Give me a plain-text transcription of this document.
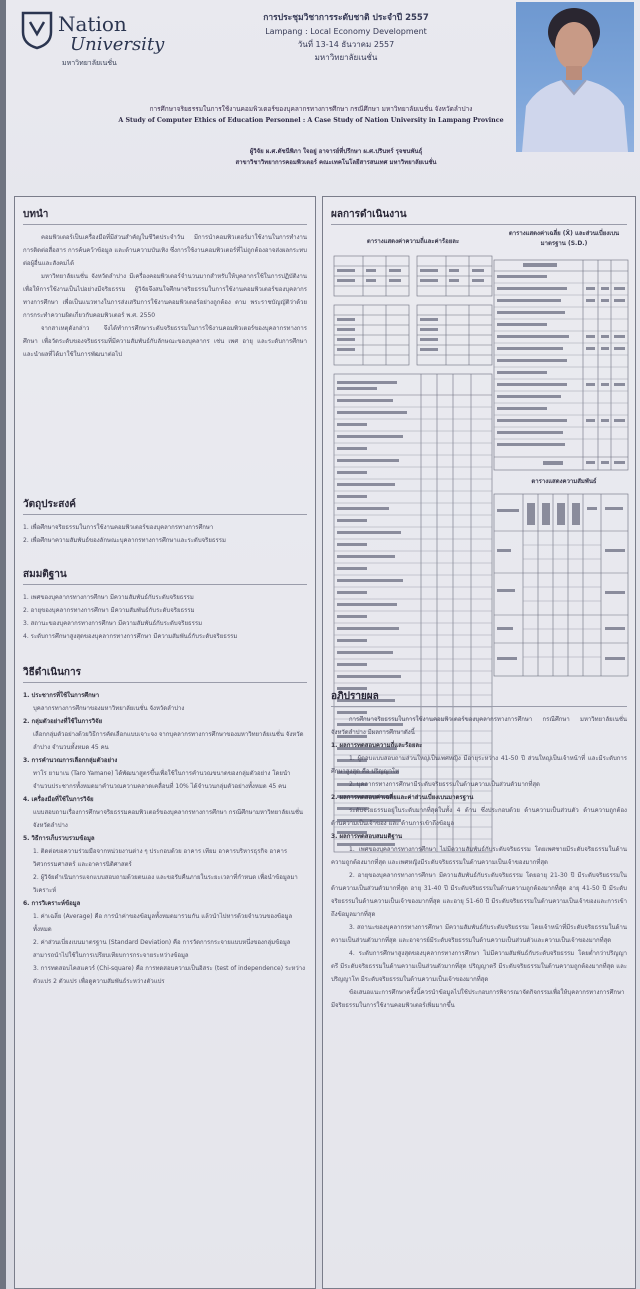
Nation
University
มหาวิทยาลัยเนชั่น
การประชุมวิชาการระดับชาติ ประจำปี 2557
Lampang : Local Economy Development
วันที่ 13-14 ธันวาคม 2557
มหาวิทยาลัยเนชั่น
การศึกษาจริยธรรมในการใช้งานคอมพิวเตอร์ของบุคลากรทางการศึกษา กรณีศึกษา มหาวิทยาลัยเนชั่น จังหวัดลำปาง
A Study of Computer Ethics of Education Personnel : A Case Study of Nation University in Lampang Province
ผู้วิจัย ผ.ศ.ดัชนีพิภา ใจอยู่ อาจารย์ที่ปรึกษา ผ.ศ.ปรินทร์ รุจชนพันธุ์
สาขาวิชาวิทยาการคอมพิวเตอร์ คณะเทคโนโลยีสารสนเทศ มหาวิทยาลัยเนชั่น
บทนำ
คอมพิวเตอร์เป็นเครื่องมือที่มีส่วนสำคัญในชีวิตประจำวัน มีการนำคอมพิวเตอร์มาใช้งานในการทำงาน การติดต่อสื่อสาร การค้นคว้าข้อมูล และด้านความบันเทิง ซึ่งการใช้งานคอมพิวเตอร์ที่ไม่ถูกต้องอาจส่งผลกระทบต่อผู้อื่นและสังคมได้
มหาวิทยาลัยเนชั่น จังหวัดลำปาง มีเครื่องคอมพิวเตอร์จำนวนมากสำหรับให้บุคลากรใช้ในการปฏิบัติงาน เพื่อให้การใช้งานเป็นไปอย่างมีจริยธรรม ผู้วิจัยจึงสนใจศึกษาจริยธรรมในการใช้งานคอมพิวเตอร์ของบุคลากรทางการศึกษา เพื่อเป็นแนวทางในการส่งเสริมการใช้งานคอมพิวเตอร์อย่างถูกต้อง ตาม พระราชบัญญัติว่าด้วยการกระทำความผิดเกี่ยวกับคอมพิวเตอร์ พ.ศ. 2550
จากสาเหตุดังกล่าว จึงได้ทำการศึกษาระดับจริยธรรมในการใช้งานคอมพิวเตอร์ของบุคลากรทางการศึกษา เพื่อวัดระดับของจริยธรรมที่มีความสัมพันธ์กับลักษณะของบุคลากร เช่น เพศ อายุ และระดับการศึกษา และนำผลที่ได้มาใช้ในการพัฒนาต่อไป
วัตถุประสงค์
1. เพื่อศึกษาจริยธรรมในการใช้งานคอมพิวเตอร์ของบุคลากรทางการศึกษา
2. เพื่อศึกษาความสัมพันธ์ของลักษณะบุคลากรทางการศึกษาและระดับจริยธรรม
สมมติฐาน
1. เพศของบุคลากรทางการศึกษา มีความสัมพันธ์กับระดับจริยธรรม
2. อายุของบุคลากรทางการศึกษา มีความสัมพันธ์กับระดับจริยธรรม
3. สถานะของบุคลากรทางการศึกษา มีความสัมพันธ์กับระดับจริยธรรม
4. ระดับการศึกษาสูงสุดของบุคลากรทางการศึกษา มีความสัมพันธ์กับระดับจริยธรรม
วิธีดำเนินการ
1. ประชากรที่ใช้ในการศึกษา
บุคลากรทางการศึกษาของมหาวิทยาลัยเนชั่น จังหวัดลำปาง
2. กลุ่มตัวอย่างที่ใช้ในการวิจัย
เลือกกลุ่มตัวอย่างด้วยวิธีการคัดเลือกแบบเจาะจง จากบุคลากรทางการศึกษาของมหาวิทยาลัยเนชั่น จังหวัดลำปาง จำนวนทั้งหมด 45 คน
3. การคำนวณการเลือกกลุ่มตัวอย่าง
ทาโร ยามาเน (Taro Yamane) ได้พัฒนาสูตรขึ้นเพื่อใช้ในการคำนวณขนาดของกลุ่มตัวอย่าง โดยนำจำนวนประชากรทั้งหมดมาคำนวณความคลาดเคลื่อนที่ 10% ได้จำนวนกลุ่มตัวอย่างทั้งหมด 45 คน
4. เครื่องมือที่ใช้ในการวิจัย
แบบสอบถามเรื่องการศึกษาจริยธรรมคอมพิวเตอร์ของบุคลากรทางการศึกษา กรณีศึกษามหาวิทยาลัยเนชั่น จังหวัดลำปาง
5. วิธีการเก็บรวบรวมข้อมูล
1. ติดต่อขอความร่วมมือจากหน่วยงานต่าง ๆ ประกอบด้วย อาคาร เทียม อาคารบริหารธุรกิจ อาคารวิศวกรรมศาสตร์ และอาคารนิติศาสตร์
2. ผู้วิจัยดำเนินการแจกแบบสอบถามด้วยตนเอง และขอรับคืนภายในระยะเวลาที่กำหนด เพื่อนำข้อมูลมาวิเคราะห์
6. การวิเคราะห์ข้อมูล
1. ค่าเฉลี่ย (Average) คือ การนำค่าของข้อมูลทั้งหมดมารวมกัน แล้วนำไปหารด้วยจำนวนของข้อมูลทั้งหมด
2. ค่าส่วนเบี่ยงเบนมาตรฐาน (Standard Deviation) คือ การวัดการกระจายแบบหนึ่งของกลุ่มข้อมูล สามารถนำไปใช้ในการเปรียบเทียบการกระจายระหว่างข้อมูล
3. การทดสอบไคสแควร์ (Chi-square) คือ การทดสอบความเป็นอิสระ (test of independence) ระหว่างตัวแปร 2 ตัวแปร เพื่อดูความสัมพันธ์ระหว่างตัวแปร
ผลการดำเนินงาน
ตารางแสดงค่าความถี่และค่าร้อยละ
ตารางแสดงค่าเฉลี่ย (X̄) และส่วนเบี่ยงเบนมาตรฐาน (S.D.)
ตารางแสดงความสัมพันธ์
อภิปรายผล
การศึกษาจริยธรรมในการใช้งานคอมพิวเตอร์ของบุคลากรทางการศึกษา กรณีศึกษา มหาวิทยาลัยเนชั่น จังหวัดลำปาง มีผลการศึกษาดังนี้
1. ผลการทดสอบความถี่และร้อยละ
1. ผู้ตอบแบบสอบถามส่วนใหญ่เป็นเพศหญิง มีอายุระหว่าง 41-50 ปี ส่วนใหญ่เป็นเจ้าหน้าที่ และมีระดับการศึกษาสูงสุด คือ ปริญญาโท
2. บุคลากรทางการศึกษามีระดับจริยธรรมในด้านความเป็นส่วนตัวมากที่สุด
2. ผลการทดสอบค่าเฉลี่ยและค่าส่วนเบี่ยงเบนมาตรฐาน
ระดับจริยธรรมอยู่ในระดับมากที่สุดในทั้ง 4 ด้าน ซึ่งประกอบด้วย ด้านความเป็นส่วนตัว ด้านความถูกต้อง ด้านความเป็นเจ้าของ และ ด้านการเข้าถึงข้อมูล
3. ผลการทดสอบสมมติฐาน
1. เพศของบุคลากรทางการศึกษา ไม่มีความสัมพันธ์กับระดับจริยธรรม โดยเพศชายมีระดับจริยธรรมในด้านความถูกต้องมากที่สุด และเพศหญิงมีระดับจริยธรรมในด้านความเป็นเจ้าของมากที่สุด
2. อายุของบุคลากรทางการศึกษา มีความสัมพันธ์กับระดับจริยธรรม โดยอายุ 21-30 ปี มีระดับจริยธรรมในด้านความเป็นส่วนตัวมากที่สุด อายุ 31-40 ปี มีระดับจริยธรรมในด้านความถูกต้องมากที่สุด อายุ 41-50 ปี มีระดับจริยธรรมในด้านความเป็นเจ้าของมากที่สุด และอายุ 51-60 ปี มีระดับจริยธรรมในด้านความเป็นเจ้าของและการเข้าถึงข้อมูลมากที่สุด
3. สถานะของบุคลากรทางการศึกษา มีความสัมพันธ์กับระดับจริยธรรม โดยเจ้าหน้าที่มีระดับจริยธรรมในด้านความเป็นส่วนตัวมากที่สุด และอาจารย์มีระดับจริยธรรมในด้านความเป็นส่วนตัวและความเป็นเจ้าของมากที่สุด
4. ระดับการศึกษาสูงสุดของบุคลากรทางการศึกษา ไม่มีความสัมพันธ์กับระดับจริยธรรม โดยต่ำกว่าปริญญาตรี มีระดับจริยธรรมในด้านความเป็นส่วนตัวมากที่สุด ปริญญาตรี มีระดับจริยธรรมในด้านความถูกต้องมากที่สุด และปริญญาโท มีระดับจริยธรรมในด้านความเป็นเจ้าของมากที่สุด
ข้อเสนอแนะการศึกษาครั้งนี้ควรนำข้อมูลไปใช้ประกอบการพิจารณาจัดกิจกรรมเพื่อให้บุคลากรทางการศึกษามีจริยธรรมในการใช้งานคอมพิวเตอร์เพิ่มมากขึ้น
